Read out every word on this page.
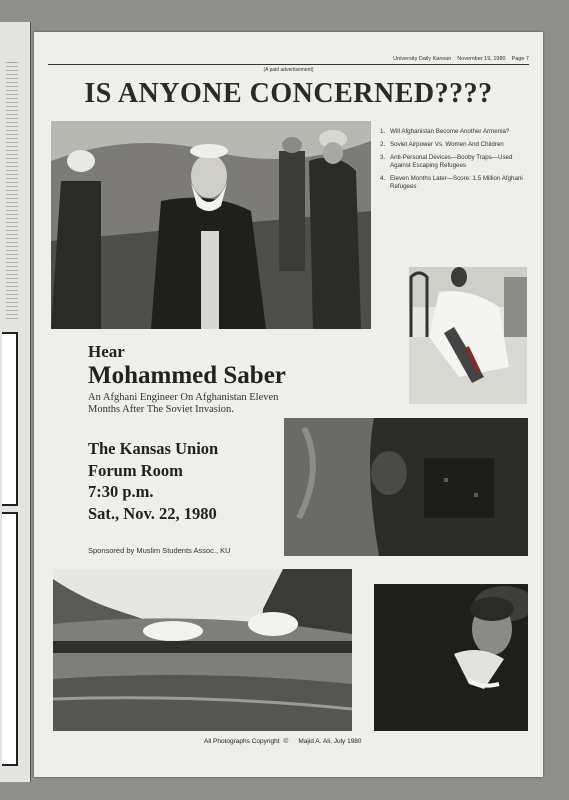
University Daily Kansan November 19, 1980 Page 7
(A paid advertisement)
IS ANYONE CONCERNED????
1. Will Afghanistan Become Another Armenia?
2. Soviet Airpower Vs. Women And Children
3. Anti-Personal Devices—Booby Traps—Used Against Escaping Refugees
4. Eleven Months Later—Score: 1.5 Million Afghani Refugees
Hear
Mohammed Saber
An Afghani Engineer On Afghanistan Eleven Months After The Soviet Invasion.
The Kansas Union
Forum Room
7:30 p.m.
Sat., Nov. 22, 1980
Sponsored by Muslim Students Assoc., KU
All Photographs Copyright © Majid A. Ali, July 1980
